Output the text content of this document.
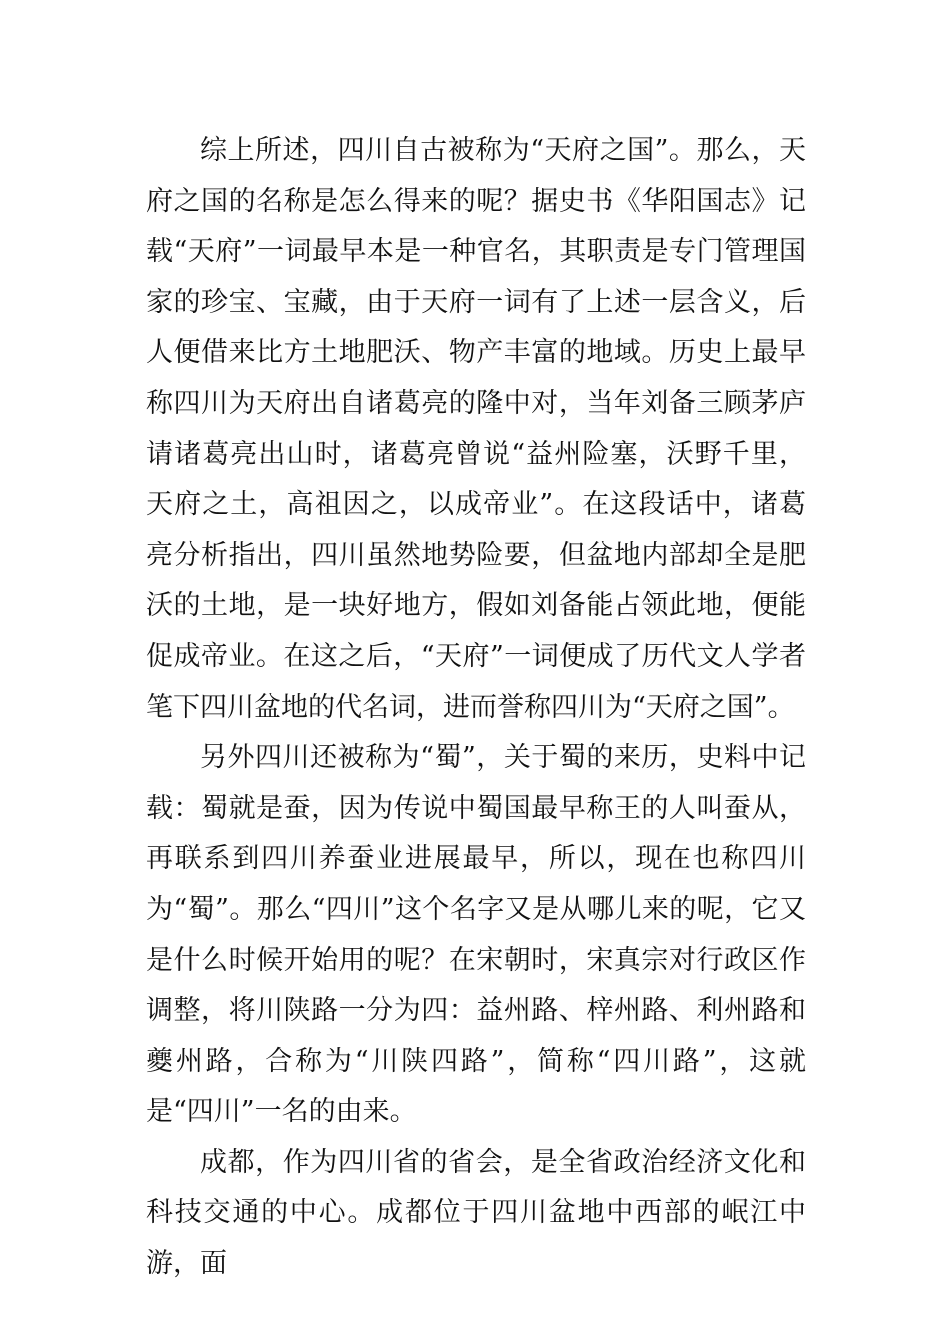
综上所述，四川自古被称为“天府之国”。那么，天府之国的名称是怎么得来的呢？据史书《华阳国志》记载“天府”一词最早本是一种官名，其职责是专门管理国家的珍宝、宝藏，由于天府一词有了上述一层含义，后人便借来比方土地肥沃、物产丰富的地域。历史上最早称四川为天府出自诸葛亮的隆中对，当年刘备三顾茅庐请诸葛亮出山时，诸葛亮曾说“益州险塞，沃野千里，天府之土，高祖因之，以成帝业”。在这段话中，诸葛亮分析指出，四川虽然地势险要，但盆地内部却全是肥沃的土地，是一块好地方，假如刘备能占领此地，便能促成帝业。在这之后，“天府”一词便成了历代文人学者笔下四川盆地的代名词，进而誉称四川为“天府之国”。

另外四川还被称为“蜀”，关于蜀的来历，史料中记载：蜀就是蚕，因为传说中蜀国最早称王的人叫蚕从，再联系到四川养蚕业进展最早，所以，现在也称四川为“蜀”。那么“四川”这个名字又是从哪儿来的呢，它又是什么时候开始用的呢？在宋朝时，宋真宗对行政区作调整，将川陕路一分为四：益州路、梓州路、利州路和夔州路，合称为“川陕四路”，简称“四川路”，这就是“四川”一名的由来。

成都，作为四川省的省会，是全省政治经济文化和科技交通的中心。成都位于四川盆地中西部的岷江中游，面
